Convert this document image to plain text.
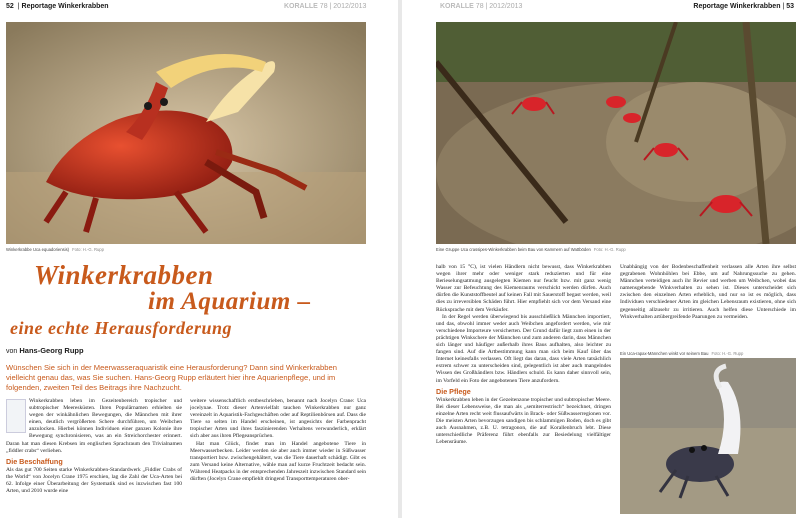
52 | Reportage Winkerkrabben	KORALLE 78 | 2012/2013
Winkerkrabbe Uca equadoriensis) Foto: H.-G. Rupp
Winkerkrabben
im Aquarium –
eine echte Herausforderung
von Hans-Georg Rupp
Wünschen Sie sich in der Meerwasseraquaristik eine Herausforderung? Dann sind Winkerkrabben vielleicht genau das, was Sie suchen. Hans-Georg Rupp erläutert hier ihre Aquarienpflege, und im folgenden, zweiten Teil des Beitrags ihre Nachzucht.

Winkerkrabben leben im Gezeitenbereich tropischer und subtropischer Meeresküsten. Ihren Populärnamen erhielten sie wegen der winkähnlichen Bewegungen, die Männchen mit ihrer einen, deutlich vergrößerten Schere durchführen, um Weibchen anzulocken. Hierbei können Individuen einer ganzen Kolonie ihre Bewegung synchronisieren, was an ein Streichorchester erinnert. Daran hat man diesen Krebsen im englischen Sprachraum den Trivialnamen „fiddler crabs“ verliehen.

Die Beschaffung

Als das gut 700 Seiten starke Winkerkrabben-Standardwerk „Fiddler Crabs of the World“ von Jocelyn Crane 1975 erschien, lag die Zahl der Uca-Arten bei 62. Infolge einer Überarbeitung der Systematik sind es inzwischen fast 100 Arten, und 2010 wurde eine

weitere wissenschaftlich erstbeschrieben, benannt nach Jocelyn Crane: Uca jocelynae. Trotz dieser Artenvielfalt tauchen Winkerkrabben nur ganz vereinzelt in Aquaristik-Fachgeschäften oder auf Reptilienbörsen auf. Dass die Tiere so selten im Handel erscheinen, ist angesichts der Farbenpracht tropischer Arten und ihres faszinierenden Verhaltens verwunderlich, erklärt sich aber aus ihren Pflegeansprüchen.

Hat man Glück, findet man im Handel angebotene Tiere in Meerwasserbecken. Leider werden sie aber auch immer wieder in Süßwasser transportiert bzw. zwischengehältert, was die Tiere dauerhaft schädigt. Gibt es zum Versand keine Alternative, wähle man auf kurze Fruchtzeit bedacht sein. Während Heatpacks in der entsprechenden Jahreszeit inzwischen Standard sein dürften (Jocelyn Crane empfiehlt dringend Transporttemperaturen ober-

KORALLE 78 | 2012/2013	Reportage Winkerkrabben | 53
Eine Gruppe Uca crassipes-Winkerkrabben beim Bau von Kammern auf Wattböden Foto: H.-G. Rupp

halb von 15 °C), ist vielen Händlern nicht bewusst, dass Winkerkrabben wegen ihrer mehr oder weniger stark reduzierten und für eine Berieselungsatmung ausgelegten Kiemen nur feucht bzw. mit ganz wenig Wasser zur Befeuchtung des Kiemenraums verschickt werden dürfen. Auch dürfen die Kunststoffbeutel auf keinen Fall mit Sauerstoff begast werden, weil dies zu irreversiblen Schäden führt. Hier empfiehlt sich vor dem Versand eine Rücksprache mit dem Verkäufer.

In der Regel werden überwiegend bis ausschließlich Männchen importiert, und das, obwohl immer weder auch Weibchen angefordert werden, wie mir verschiedene Importeure versicherten. Der Grund dafür liegt zum einen in der prächtigen Winkschere der Männchen und zum anderen darin, dass Männchen sich länger und häufiger außerhalb ihres Baus aufhalten, also leichter zu fangen sind. Auf die Artbestimmung kann man sich beim Kauf über das Internet keinesfalls verlassen. Oft liegt das daran, dass viele Arten tatsächlich extrem schwer zu unterscheiden sind, gelegentlich ist aber auch mangelndes Wissen des Großhändlers bzw. Händlers schuld. Es kann daher sinnvoll sein, im Vorfeld ein Foto der angebotenen Tiere anzufordern.

Die Pflege

Winkerkrabben leben in der Gezeitenzone tropischer und subtropischer Meere. Bei dieser Lebensweise, die man als „semiterrestrisch“ bezeichnet, dringen einzelne Arten recht weit flussaufwärts in Brack- oder Süßwasserregionen vor. Die meisten Arten bevorzugen sandigen bis schlammigen Boden, doch es gibt auch Ausnahmen, z.B. U. tetragonon, die auf Korallenbruch lebt. Diese unterschiedliche Präferenz führt ebenfalls zur Besiedelung vielfältiger Lebensräume.

Unabhängig von der Bodenbeschaffenheit verlassen alle Arten ihre selbst gegrabenen Wohnhöhlen bei Ebbe, um auf Nahrungssuche zu gehen. Männchen verteidigen auch ihr Revier und werben um Weibchen, wobei das namensgebende Winkverhalten zu sehen ist. Dieses unterscheidet sich zwischen den einzelnen Arten erheblich, und nur so ist es möglich, dass Individuen verschiedener Arten im gleichen Lebensraum existieren, ohne sich gegenseitig allzusehr zu irritieren. Auch helfen diese Unterschiede im Winkverhalten artübergreifende Paarungen zu vermeiden.

Ein Uca-rapax-Männchen winkt vor seinem Bau Foto: H.-G. Rupp
